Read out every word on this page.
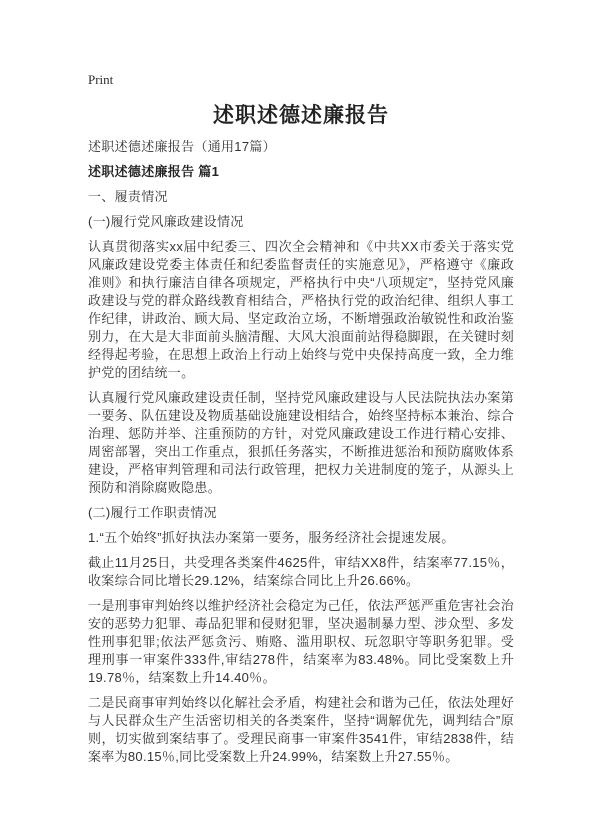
Print
述职述德述廉报告

述职述德述廉报告（通用17篇）

述职述德述廉报告 篇1

一、履责情况

(一)履行党风廉政建设情况

认真贯彻落实xx届中纪委三、四次全会精神和《中共XX市委关于落实党风廉政建设党委主体责任和纪委监督责任的实施意见》，严格遵守《廉政准则》和执行廉洁自律各项规定，严格执行中央“八项规定”，坚持党风廉政建设与党的群众路线教育相结合，严格执行党的政治纪律、组织人事工作纪律，讲政治、顾大局、坚定政治立场，不断增强政治敏锐性和政治鉴别力，在大是大非面前头脑清醒、大风大浪面前站得稳脚跟，在关键时刻经得起考验，在思想上政治上行动上始终与党中央保持高度一致，全力维护党的团结统一。

认真履行党风廉政建设责任制，坚持党风廉政建设与人民法院执法办案第一要务、队伍建设及物质基础设施建设相结合，始终坚持标本兼治、综合治理、惩防并举、注重预防的方针，对党风廉政建设工作进行精心安排、周密部署，突出工作重点，狠抓任务落实，不断推进惩治和预防腐败体系建设，严格审判管理和司法行政管理，把权力关进制度的笼子，从源头上预防和消除腐败隐患。

(二)履行工作职责情况

1.“五个始终”抓好执法办案第一要务，服务经济社会提速发展。

截止11月25日，共受理各类案件4625件，审结XX8件，结案率77.15％，收案综合同比增长29.12%，结案综合同比上升26.66%。

一是刑事审判始终以维护经济社会稳定为己任，依法严惩严重危害社会治安的恶势力犯罪、毒品犯罪和侵财犯罪，坚决遏制暴力型、涉众型、多发性刑事犯罪;依法严惩贪污、贿赂、滥用职权、玩忽职守等职务犯罪。受理刑事一审案件333件,审结278件，结案率为83.48%。同比受案数上升19.78％，结案数上升14.40％。

二是民商事审判始终以化解社会矛盾，构建社会和谐为己任，依法处理好与人民群众生产生活密切相关的各类案件，坚持“调解优先，调判结合”原则，切实做到案结事了。受理民商事一审案件3541件，审结2838件，结案率为80.15％,同比受案数上升24.99%，结案数上升27.55％。
